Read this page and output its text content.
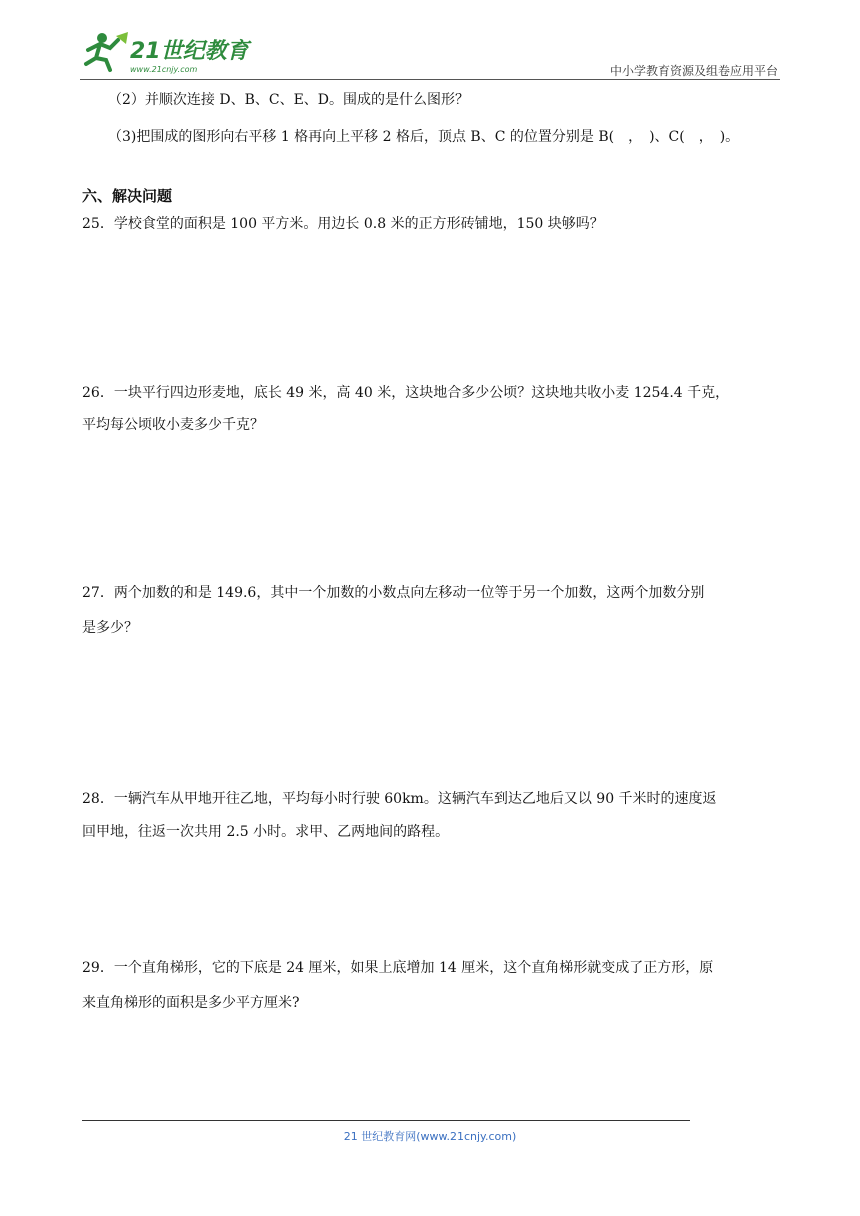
21世纪教育
www.21cnjy.com	中小学教育资源及组卷应用平台
（2）并顺次连接 D、B、C、E、D。围成的是什么图形？
（3)把围成的图形向右平移 1 格再向上平移 2 格后，顶点 B、C 的位置分别是 B(　，　)、C(　，　)。
六、解决问题
25．学校食堂的面积是 100 平方米。用边长 0.8 米的正方形砖铺地，150 块够吗？
26．一块平行四边形麦地，底长 49 米，高 40 米，这块地合多少公顷？这块地共收小麦 1254.4 千克，
平均每公顷收小麦多少千克？
27．两个加数的和是 149.6，其中一个加数的小数点向左移动一位等于另一个加数，这两个加数分别
是多少？
28．一辆汽车从甲地开往乙地，平均每小时行驶 60km。这辆汽车到达乙地后又以 90 千米时的速度返
回甲地，往返一次共用 2.5 小时。求甲、乙两地间的路程。
29．一个直角梯形，它的下底是 24 厘米，如果上底增加 14 厘米，这个直角梯形就变成了正方形，原
来直角梯形的面积是多少平方厘米?
21 世纪教育网(www.21cnjy.com)
